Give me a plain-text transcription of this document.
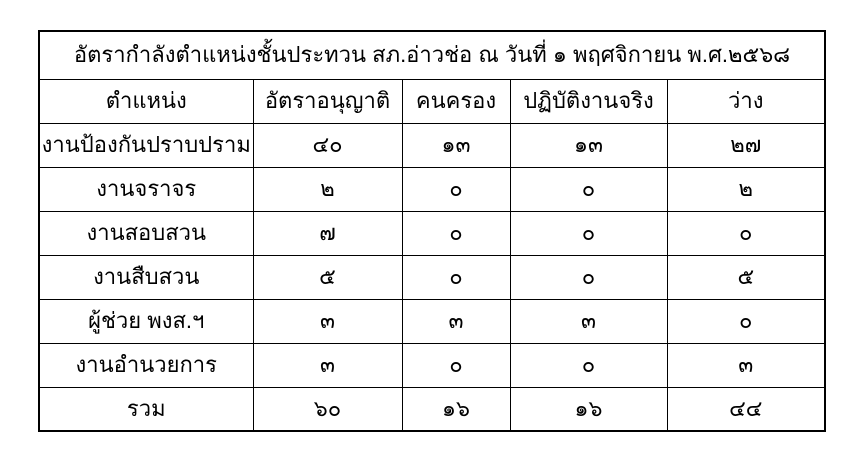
อัตรากำลังตำแหน่งชั้นประทวน สภ.อ่าวช่อ ณ วันที่ ๑ พฤศจิกายน พ.ศ.๒๕๖๘				
ตำแหน่ง	อัตราอนุญาติ	คนครอง	ปฏิบัติงานจริง	ว่าง
งานป้องกันปราบปราม	๔๐	๑๓	๑๓	๒๗
งานจราจร	๒	๐	๐	๒
งานสอบสวน	๗	๐	๐	๐
งานสืบสวน	๕	๐	๐	๕
ผู้ช่วย พงส.ฯ	๓	๓	๓	๐
งานอำนวยการ	๓	๐	๐	๓
รวม	๖๐	๑๖	๑๖	๔๔
